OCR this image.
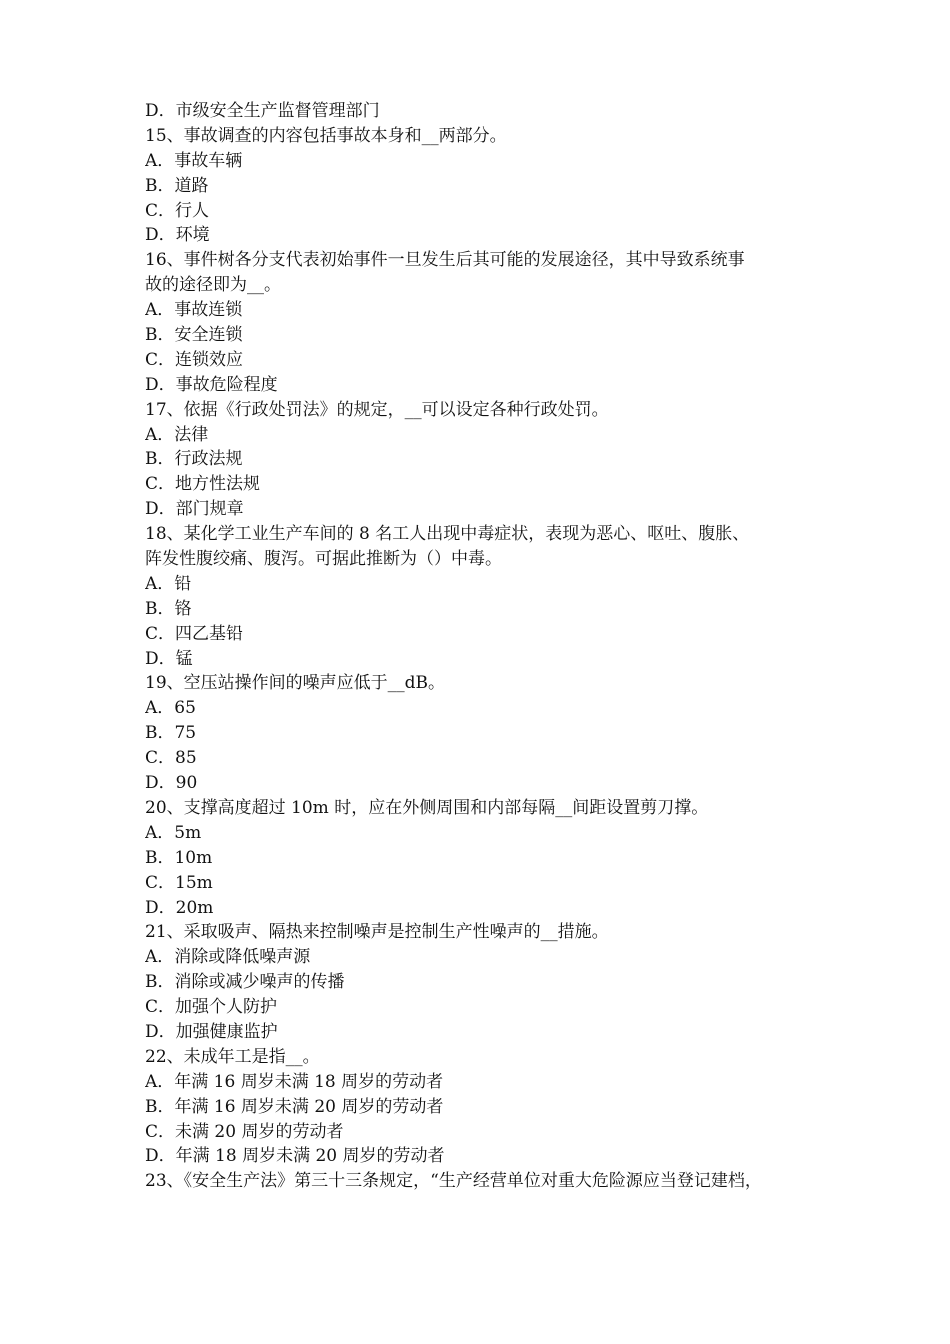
D．市级安全生产监督管理部门
15、事故调查的内容包括事故本身和__两部分。
A．事故车辆
B．道路
C．行人
D．环境
16、事件树各分支代表初始事件一旦发生后其可能的发展途径，其中导致系统事
故的途径即为__。
A．事故连锁
B．安全连锁
C．连锁效应
D．事故危险程度
17、依据《行政处罚法》的规定，__可以设定各种行政处罚。
A．法律
B．行政法规
C．地方性法规
D．部门规章
18、某化学工业生产车间的 8 名工人出现中毒症状，表现为恶心、呕吐、腹胀、
阵发性腹绞痛、腹泻。可据此推断为（）中毒。
A．铅
B．铬
C．四乙基铅
D．锰
19、空压站操作间的噪声应低于__dB。
A．65
B．75
C．85
D．90
20、支撑高度超过 10m 时，应在外侧周围和内部每隔__间距设置剪刀撑。
A．5m
B．10m
C．15m
D．20m
21、采取吸声、隔热来控制噪声是控制生产性噪声的__措施。
A．消除或降低噪声源
B．消除或减少噪声的传播
C．加强个人防护
D．加强健康监护
22、未成年工是指__。
A．年满 16 周岁未满 18 周岁的劳动者
B．年满 16 周岁未满 20 周岁的劳动者
C．未满 20 周岁的劳动者
D．年满 18 周岁未满 20 周岁的劳动者
23、《安全生产法》第三十三条规定，“生产经营单位对重大危险源应当登记建档，
